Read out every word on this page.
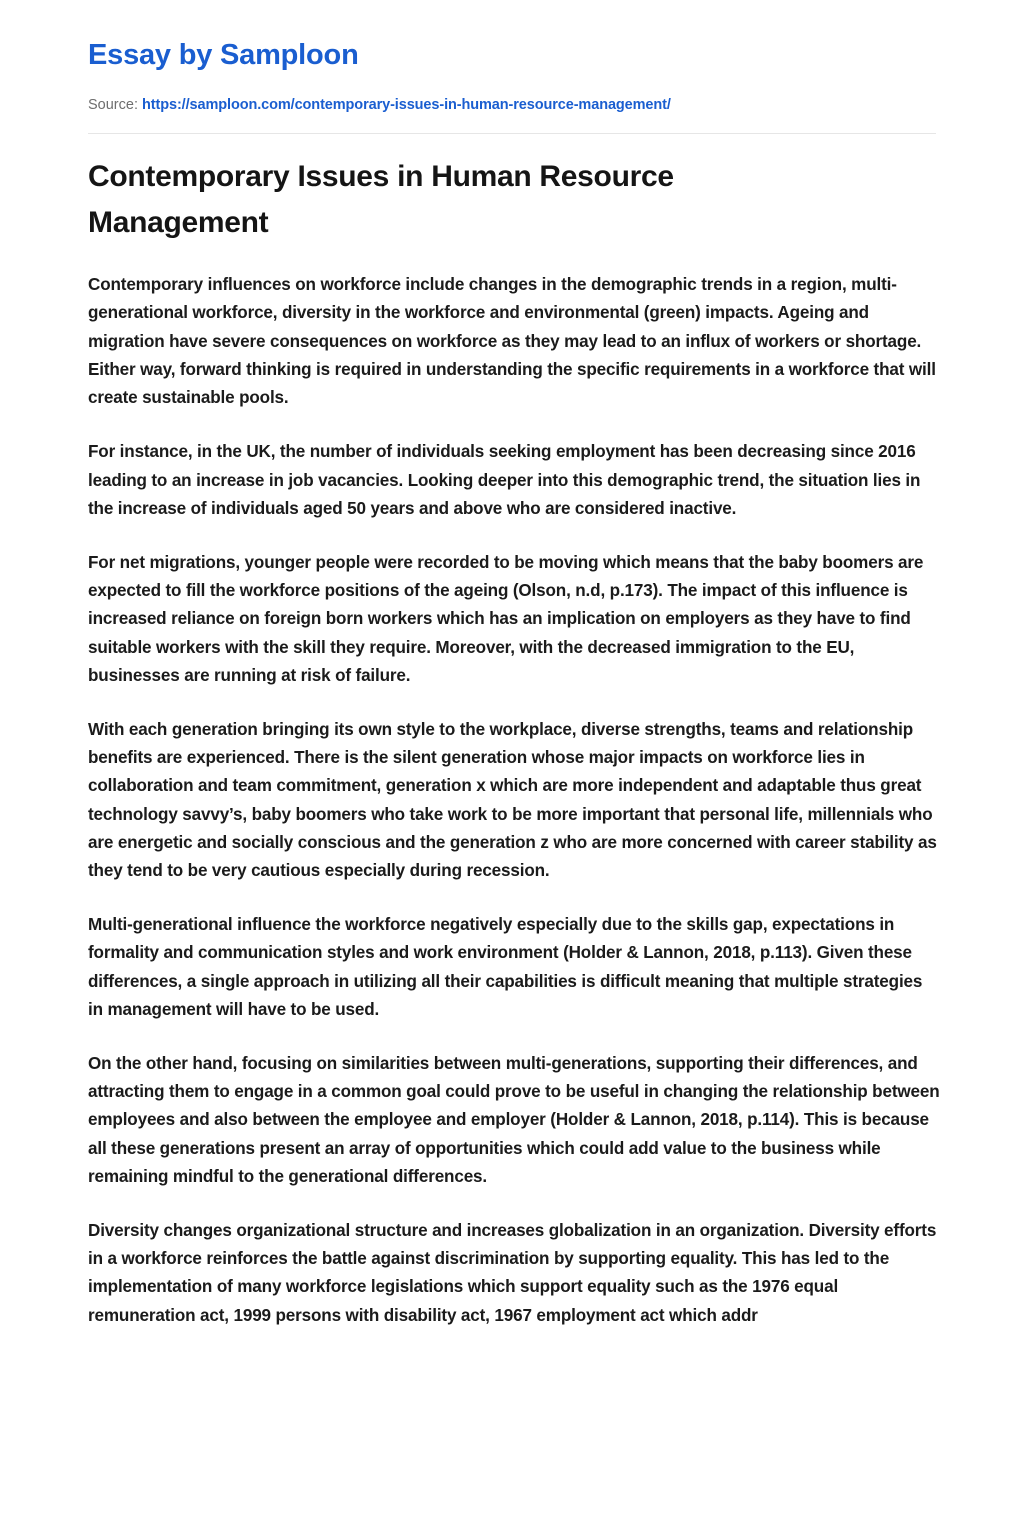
Essay by Samploon
Source: https://samploon.com/contemporary-issues-in-human-resource-management/
Contemporary Issues in Human Resource Management

Contemporary influences on workforce include changes in the demographic trends in a region, multi-generational workforce, diversity in the workforce and environmental (green) impacts. Ageing and migration have severe consequences on workforce as they may lead to an influx of workers or shortage. Either way, forward thinking is required in understanding the specific requirements in a workforce that will create sustainable pools.

For instance, in the UK, the number of individuals seeking employment has been decreasing since 2016 leading to an increase in job vacancies. Looking deeper into this demographic trend, the situation lies in the increase of individuals aged 50 years and above who are considered inactive.

For net migrations, younger people were recorded to be moving which means that the baby boomers are expected to fill the workforce positions of the ageing (Olson, n.d, p.173). The impact of this influence is increased reliance on foreign born workers which has an implication on employers as they have to find suitable workers with the skill they require. Moreover, with the decreased immigration to the EU, businesses are running at risk of failure.

With each generation bringing its own style to the workplace, diverse strengths, teams and relationship benefits are experienced. There is the silent generation whose major impacts on workforce lies in collaboration and team commitment, generation x which are more independent and adaptable thus great technology savvy’s, baby boomers who take work to be more important that personal life, millennials who are energetic and socially conscious and the generation z who are more concerned with career stability as they tend to be very cautious especially during recession.

Multi-generational influence the workforce negatively especially due to the skills gap, expectations in formality and communication styles and work environment (Holder & Lannon, 2018, p.113). Given these differences, a single approach in utilizing all their capabilities is difficult meaning that multiple strategies in management will have to be used.

On the other hand, focusing on similarities between multi-generations, supporting their differences, and attracting them to engage in a common goal could prove to be useful in changing the relationship between employees and also between the employee and employer (Holder & Lannon, 2018, p.114). This is because all these generations present an array of opportunities which could add value to the business while remaining mindful to the generational differences.

Diversity changes organizational structure and increases globalization in an organization. Diversity efforts in a workforce reinforces the battle against discrimination by supporting equality. This has led to the implementation of many workforce legislations which support equality such as the 1976 equal remuneration act, 1999 persons with disability act, 1967 employment act which addr
